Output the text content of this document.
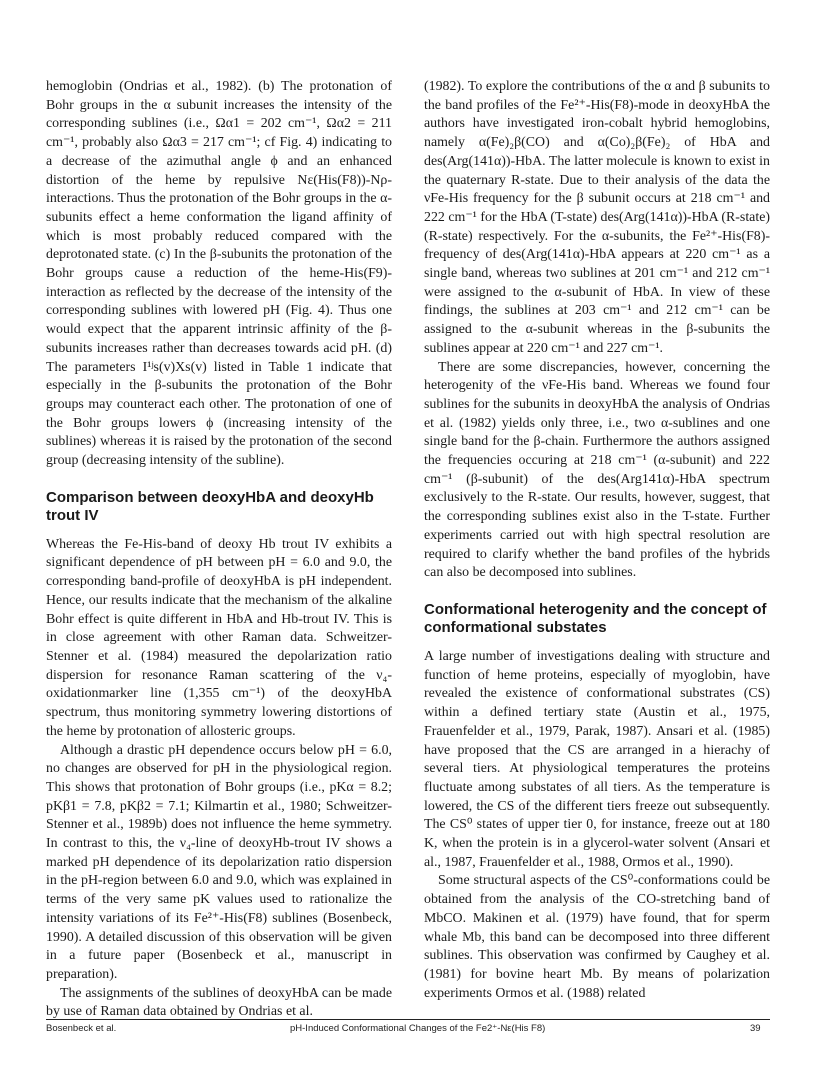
hemoglobin (Ondrias et al., 1982). (b) The protonation of Bohr groups in the α subunit increases the intensity of the corresponding sublines (i.e., Ωα1 = 202 cm⁻¹, Ωα2 = 211 cm⁻¹, probably also Ωα3 = 217 cm⁻¹; cf Fig. 4) indicating to a decrease of the azimuthal angle ϕ and an enhanced distortion of the heme by repulsive Nε(His(F8))-Nρ-interactions. Thus the protonation of the Bohr groups in the α-subunits effect a heme conformation the ligand affinity of which is most probably reduced compared with the deprotonated state. (c) In the β-subunits the protonation of the Bohr groups cause a reduction of the heme-His(F9)-interaction as reflected by the decrease of the intensity of the corresponding sublines with lowered pH (Fig. 4). Thus one would expect that the apparent intrinsic affinity of the β-subunits increases rather than decreases towards acid pH. (d) The parameters I¹ʲs(v)Xs(v) listed in Table 1 indicate that especially in the β-subunits the protonation of the Bohr groups may counteract each other. The protonation of one of the Bohr groups lowers ϕ (increasing intensity of the sublines) whereas it is raised by the protonation of the second group (decreasing intensity of the subline).

Comparison between deoxyHbA and deoxyHb trout IV

Whereas the Fe-His-band of deoxy Hb trout IV exhibits a significant dependence of pH between pH = 6.0 and 9.0, the corresponding band-profile of deoxyHbA is pH independent. Hence, our results indicate that the mechanism of the alkaline Bohr effect is quite different in HbA and Hb-trout IV. This is in close agreement with other Raman data. Schweitzer-Stenner et al. (1984) measured the depolarization ratio dispersion for resonance Raman scattering of the ν₄-oxidationmarker line (1,355 cm⁻¹) of the deoxyHbA spectrum, thus monitoring symmetry lowering distortions of the heme by protonation of allosteric groups.

Although a drastic pH dependence occurs below pH = 6.0, no changes are observed for pH in the physiological region. This shows that protonation of Bohr groups (i.e., pKα = 8.2; pKβ1 = 7.8, pKβ2 = 7.1; Kilmartin et al., 1980; Schweitzer-Stenner et al., 1989b) does not influence the heme symmetry. In contrast to this, the ν₄-line of deoxyHb-trout IV shows a marked pH dependence of its depolarization ratio dispersion in the pH-region between 6.0 and 9.0, which was explained in terms of the very same pK values used to rationalize the intensity variations of its Fe²⁺-His(F8) sublines (Bosenbeck, 1990). A detailed discussion of this observation will be given in a future paper (Bosenbeck et al., manuscript in preparation).

The assignments of the sublines of deoxyHbA can be made by use of Raman data obtained by Ondrias et al.

(1982). To explore the contributions of the α and β subunits to the band profiles of the Fe²⁺-His(F8)-mode in deoxyHbA the authors have investigated iron-cobalt hybrid hemoglobins, namely α(Fe)₂β(CO) and α(Co)₂β(Fe)₂ of HbA and des(Arg(141α))-HbA. The latter molecule is known to exist in the quaternary R-state. Due to their analysis of the data the νFe-His frequency for the β subunit occurs at 218 cm⁻¹ and 222 cm⁻¹ for the HbA (T-state) des(Arg(141α))-HbA (R-state) (R-state) respectively. For the α-subunits, the Fe²⁺-His(F8)-frequency of des(Arg(141α)-HbA appears at 220 cm⁻¹ as a single band, whereas two sublines at 201 cm⁻¹ and 212 cm⁻¹ were assigned to the α-subunit of HbA. In view of these findings, the sublines at 203 cm⁻¹ and 212 cm⁻¹ can be assigned to the α-subunit whereas in the β-subunits the sublines appear at 220 cm⁻¹ and 227 cm⁻¹.

There are some discrepancies, however, concerning the heterogenity of the νFe-His band. Whereas we found four sublines for the subunits in deoxyHbA the analysis of Ondrias et al. (1982) yields only three, i.e., two α-sublines and one single band for the β-chain. Furthermore the authors assigned the frequencies occuring at 218 cm⁻¹ (α-subunit) and 222 cm⁻¹ (β-subunit) of the des(Arg141α)-HbA spectrum exclusively to the R-state. Our results, however, suggest, that the corresponding sublines exist also in the T-state. Further experiments carried out with high spectral resolution are required to clarify whether the band profiles of the hybrids can also be decomposed into sublines.

Conformational heterogenity and the concept of conformational substates

A large number of investigations dealing with structure and function of heme proteins, especially of myoglobin, have revealed the existence of conformational substrates (CS) within a defined tertiary state (Austin et al., 1975, Frauenfelder et al., 1979, Parak, 1987). Ansari et al. (1985) have proposed that the CS are arranged in a hierachy of several tiers. At physiological temperatures the proteins fluctuate among substates of all tiers. As the temperature is lowered, the CS of the different tiers freeze out subsequently. The CS⁰ states of upper tier 0, for instance, freeze out at 180 K, when the protein is in a glycerol-water solvent (Ansari et al., 1987, Frauenfelder et al., 1988, Ormos et al., 1990).

Some structural aspects of the CS⁰-conformations could be obtained from the analysis of the CO-stretching band of MbCO. Makinen et al. (1979) have found, that for sperm whale Mb, this band can be decomposed into three different sublines. This observation was confirmed by Caughey et al. (1981) for bovine heart Mb. By means of polarization experiments Ormos et al. (1988) related

Bosenbeck et al.	pH-Induced Conformational Changes of the Fe2⁺-Nε(His F8)	39
